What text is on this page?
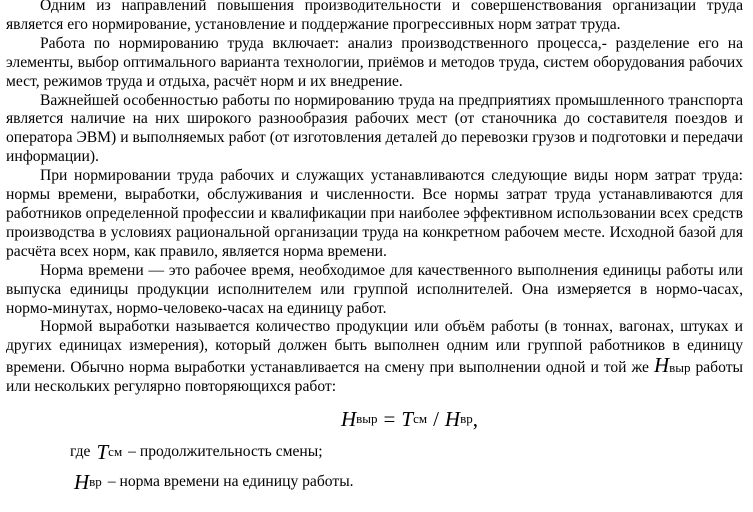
Одним из направлений повышения производительности и совершенствования организации труда является его нормирование, установление и поддержание прогрессивных норм затрат труда.

Работа по нормированию труда включает: анализ производственного процесса,- разделение его на элементы, выбор оптимального варианта технологии, приёмов и методов труда, систем оборудования рабочих мест, режимов труда и отдыха, расчёт норм и их внедрение.

Важнейшей особенностью работы по нормированию труда на предприятиях промышленного транспорта является наличие на них широкого разнообразия рабочих мест (от станочника до составителя поездов и оператора ЭВМ) и выполняемых работ (от изготовления деталей до перевозки грузов и подготовки и передачи информации).

При нормировании труда рабочих и служащих устанавливаются следующие виды норм затрат труда: нормы времени, выработки, обслуживания и численности. Все нормы затрат труда устанавливаются для работников определенной профессии и квалификации при наиболее эффективном использовании всех средств производства в условиях рациональной организации труда на конкретном рабочем месте. Исходной базой для расчёта всех норм, как правило, является норма времени.

Норма времени — это рабочее время, необходимое для качественного выполнения единицы работы или выпуска единицы продукции исполнителем или группой исполнителей. Она измеряется в нормо-часах, нормо-минутах, нормо-человеко-часах на единицу работ.

Нормой выработки называется количество продукции или объём работы (в тоннах, вагонах, штуках и других единицах измерения), который должен быть выполнен одним или группой работников в единицу времени. Обычно норма выработки устанавливается на смену при выполнении одной и той же Нвыр работы или нескольких регулярно повторяющихся работ:

Н выр = Т см / Н вр ,
где Т см – продолжительность смены;
Н вр – норма времени на единицу работы.
